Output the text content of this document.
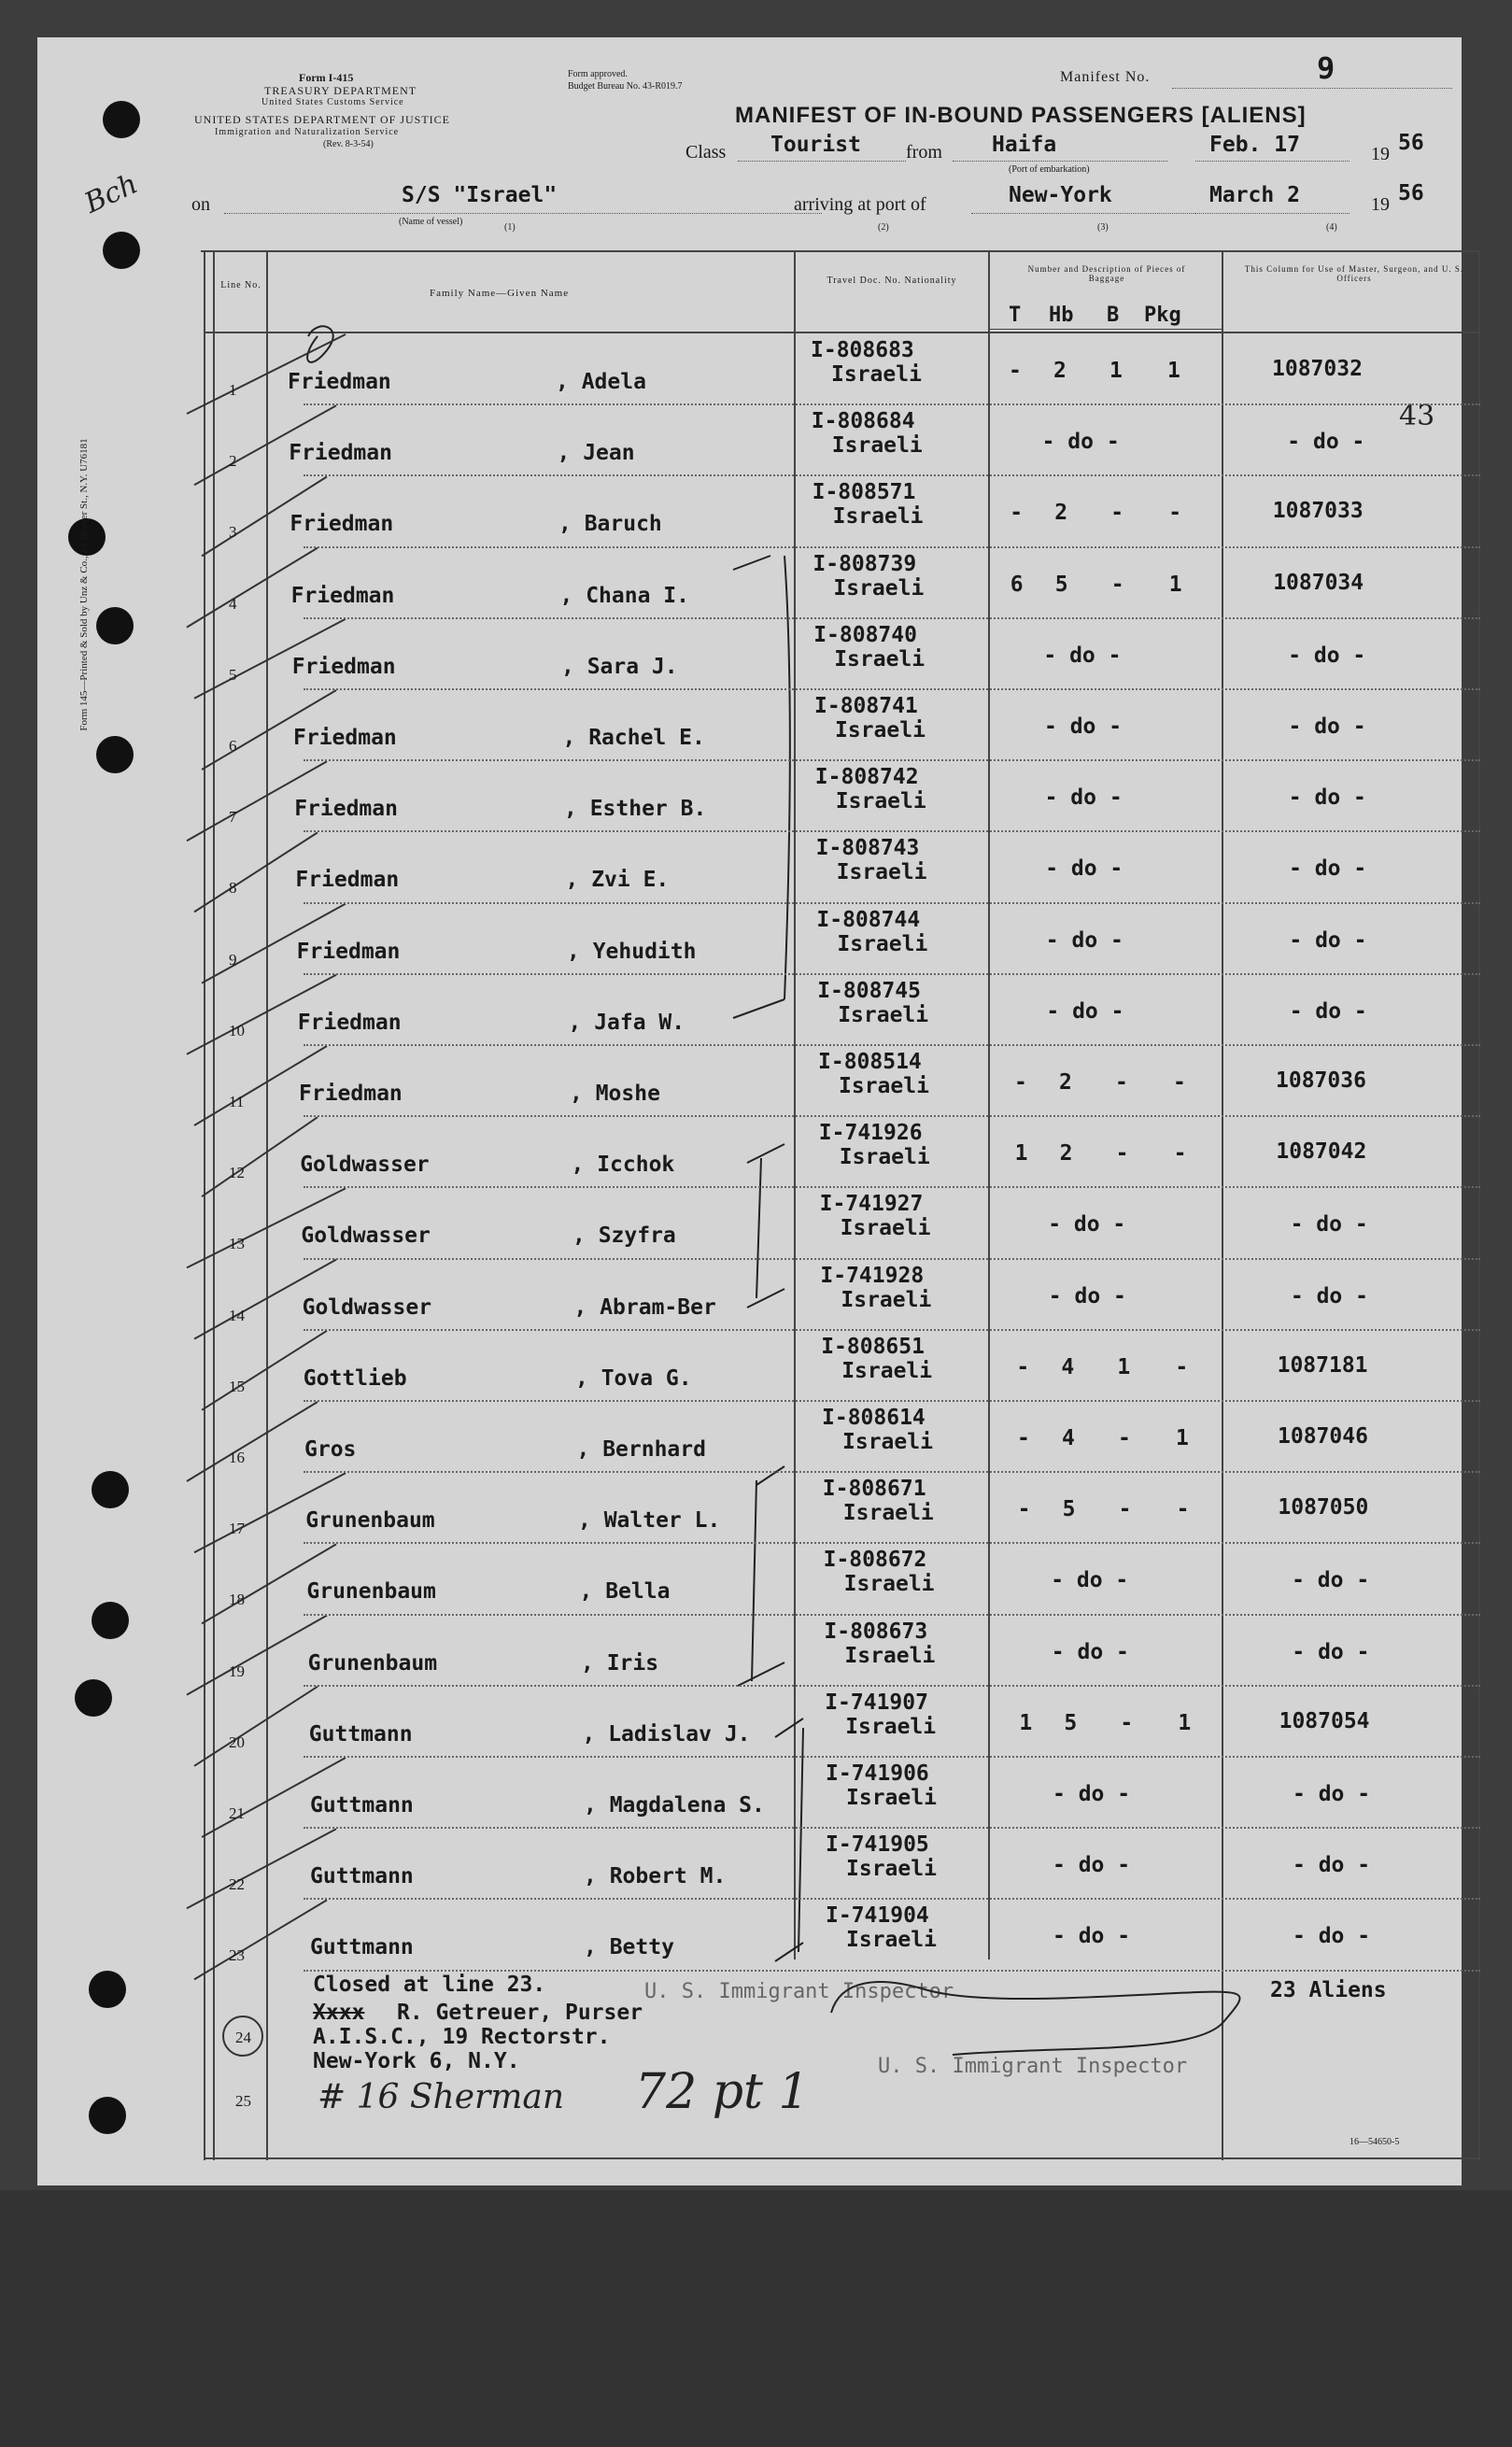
Form I-415
TREASURY DEPARTMENT
United States Customs Service
UNITED STATES DEPARTMENT OF JUSTICE
Immigration and Naturalization Service
(Rev. 8-3-54)
Form approved.
Budget Bureau No. 43-R019.7
Manifest No.	9
MANIFEST OF IN-BOUND PASSENGERS [ALIENS]
Class Tourist from Haifa
(Port of embarkation)
Feb. 17	19 56
on	S/S "Israel"
(Name of vessel)
arriving at port of	New-York	March 2	19 56
(1)	(2)	(3)	(4)
Form 145—Printed & Sold by Unz & Co., 24 Beaver St., N.Y. U76181
Bch
Line No.
Family Name—Given Name
Travel Doc. No. Nationality
Number and Description of Pieces of Baggage
This Column for Use of Master, Surgeon, and U. S. Officers
T Hb B Pkg
24
25
Closed at line 23.
Xxxx R. Getreuer, Purser
A.I.S.C., 19 Rectorstr.
New-York 6, N.Y.
U. S. Immigrant Inspector
U. S. Immigrant Inspector
23 Aliens
# 16 Sherman 72 pt 1
16—54650-5
43
1 Friedman	, Adela
I-808683
Israeli	- 2 1 1	1087032
2 Friedman	, Jean
I-808684
Israeli	- do -	- do -
3 Friedman	, Baruch
I-808571
Israeli	- 2 - -	1087033
4	Friedman	, Chana I.
I-808739
Israeli	6 5 - 1	1087034
5	Friedman	, Sara J.
I-808740
Israeli	- do -	- do -
6	Friedman	, Rachel E.
I-808741
Israeli	- do -	- do -
7	Friedman	, Esther B.
I-808742
Israeli	- do -	- do -
8	Friedman	, Zvi E.
I-808743
Israeli	- do -	- do -
9	Friedman	, Yehudith
I-808744
Israeli	- do -	- do -
10 Friedman	, Jafa W.
I-808745
Israeli	- do -	- do -
11	Friedman	, Moshe
I-808514
Israeli	- 2 - -	1087036
12	Goldwasser	, Icchok
I-741926
Israeli	1 2 - -	1087042
13	Goldwasser	, Szyfra
I-741927
Israeli	- do -	- do -
14	Goldwasser	, Abram-Ber
I-741928
Israeli	- do -	- do -
15	Gottlieb	, Tova G.
I-808651
Israeli	- 4 1 -	1087181
16	Gros	, Bernhard
I-808614
Israeli	- 4 - 1	1087046
17	Grunenbaum	, Walter L.
I-808671
Israeli	- 5 - -	1087050
18	Grunenbaum	, Bella
I-808672
Israeli	- do -	- do -
19	Grunenbaum	, Iris
I-808673
Israeli	- do -	- do -
20	Guttmann	, Ladislav J.
I-741907
Israeli	1 5 - 1	1087054
21	Guttmann	, Magdalena S.
I-741906
Israeli	- do -	- do -
22	Guttmann	, Robert M.
I-741905
Israeli	- do -	- do -
23	Guttmann	, Betty
I-741904
Israeli	- do -	- do -
